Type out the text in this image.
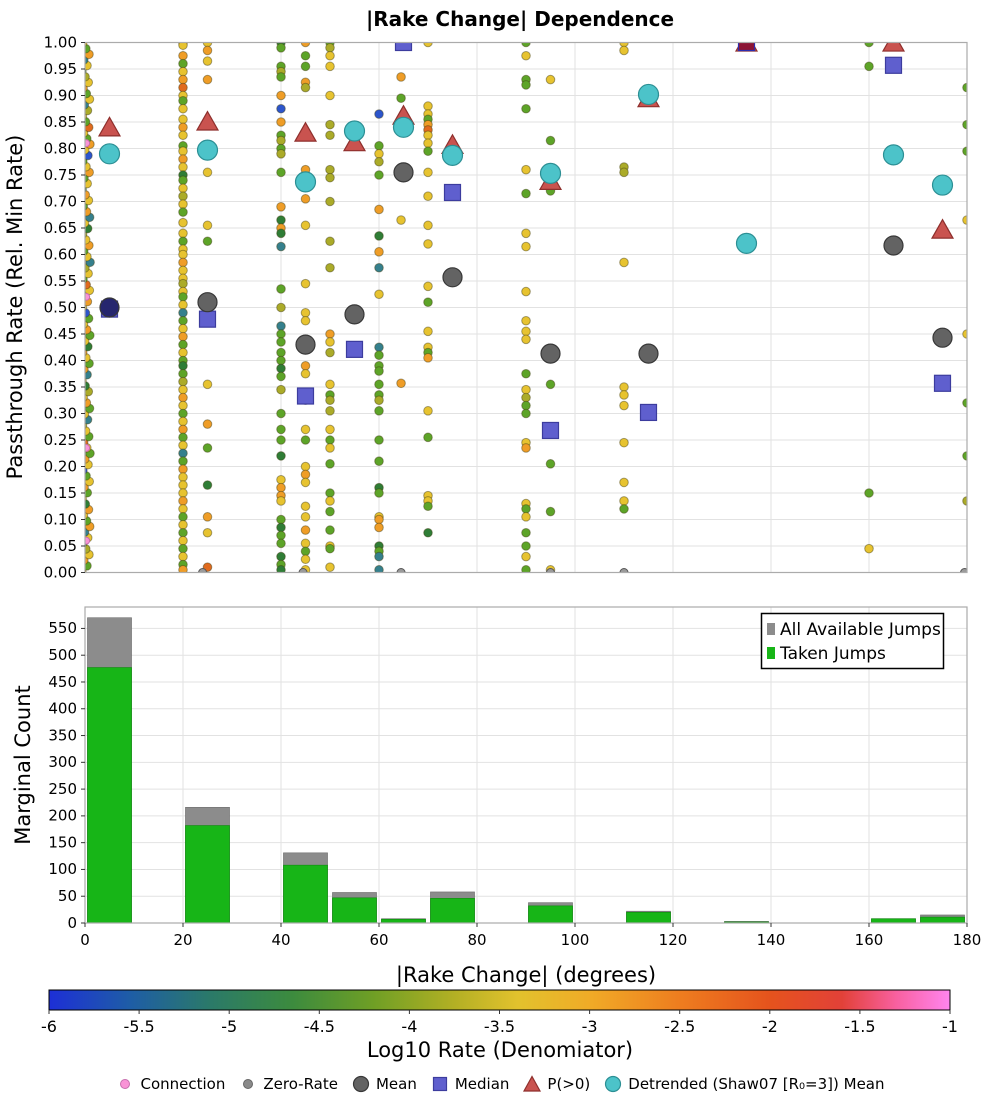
0.00
0.05
0.10
0.15
0.20
0.25
0.30
0.35
0.40
0.45
0.50
0.55
0.60
0.65
0.70
0.75
0.80
0.85
0.90
0.95
1.00
0
50
100
150
200
250
300
350
400
450
500
550
0	20	40	60	80	100	120	140	160	180
-6	-5.5	-5	-4.5	-4	-3.5	-3	-2.5	-2	-1.5	-1
|Rake Change| Dependence
Passthrough Rate (Rel. Min Rate)
Marginal Count
|Rake Change| (degrees)
Log10 Rate (Denomiator)
All Available Jumps
Taken Jumps
Connection	Zero-Rate	Mean	Median	P(>0)	Detrended (Shaw07 [R₀=3]) Mean
